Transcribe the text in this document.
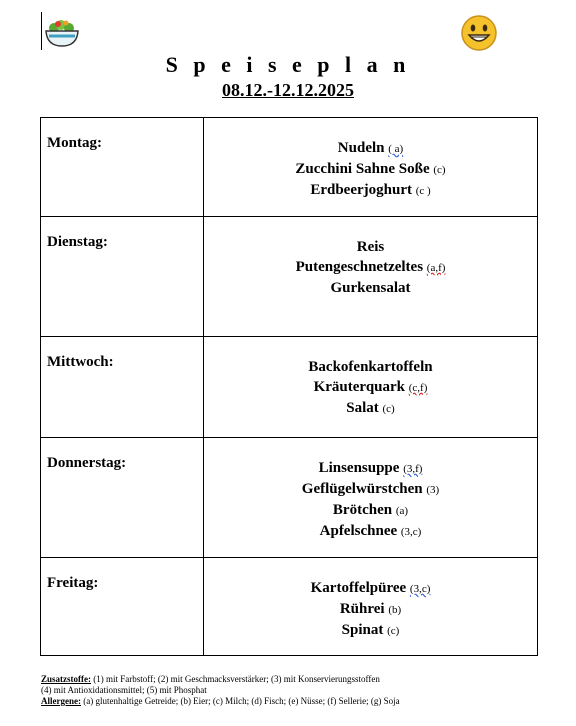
S p e i s e p l a n
08.12.-12.12.2025
Montag:	Nudeln ( a)
Zucchini Sahne Soße (c)
Erdbeerjoghurt (c )

Dienstag:	Reis
Putengeschnetzeltes (a,f)
Gurkensalat

Mittwoch:	Backofenkartoffeln
Kräuterquark (c,f)
Salat (c)

Donnerstag:	Linsensuppe (3,f)
Geflügelwürstchen (3)
Brötchen (a)
Apfelschnee (3,c)

Freitag:	Kartoffelpüree (3,c)
Rührei (b)
Spinat (c)
Zusatzstoffe: (1) mit Farbstoff; (2) mit Geschmacksverstärker; (3) mit Konservierungsstoffen
(4) mit Antioxidationsmittel; (5) mit Phosphat
Allergene: (a) glutenhaltige Getreide; (b) Eier; (c) Milch; (d) Fisch; (e) Nüsse; (f) Sellerie; (g) Soja
